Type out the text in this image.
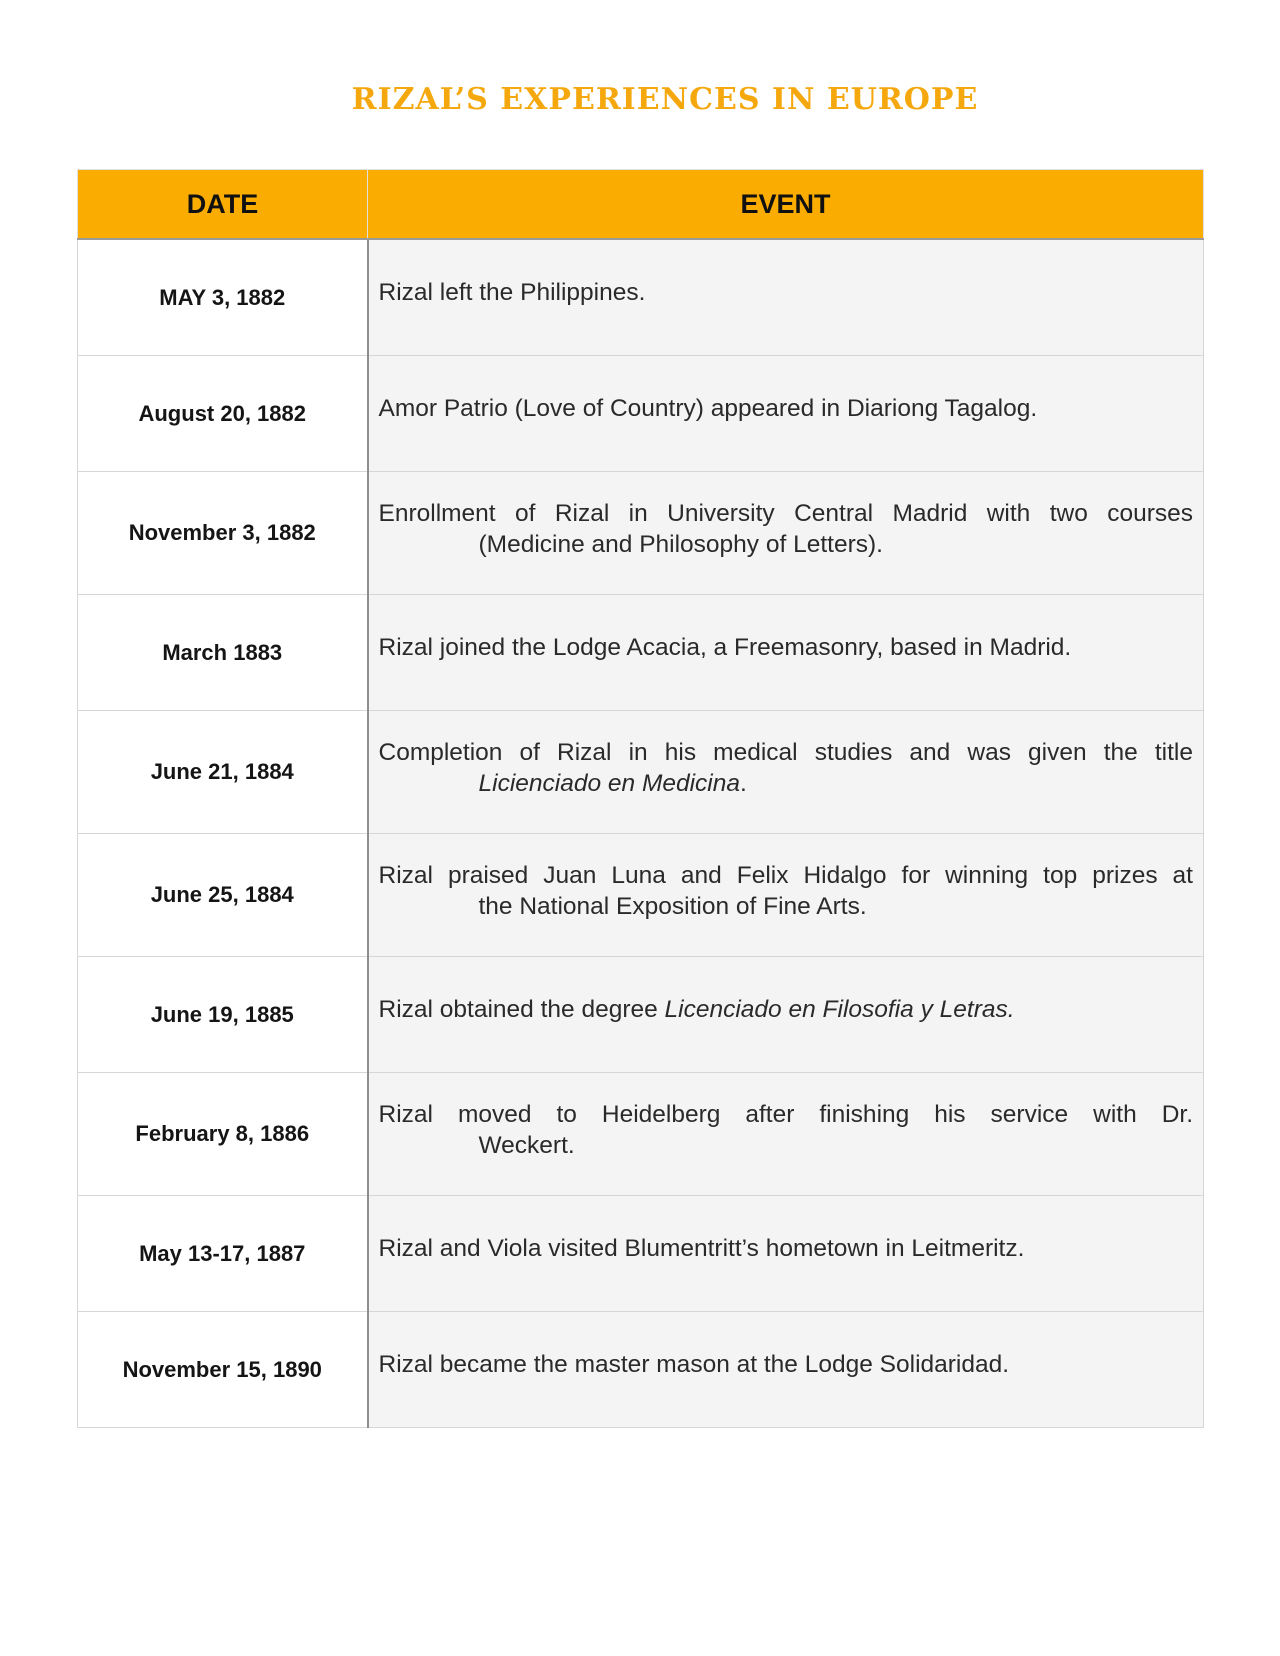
RIZAL’S EXPERIENCES IN EUROPE
DATE	EVENT
MAY 3, 1882	Rizal left the Philippines.

August 20, 1882	Amor Patrio (Love of Country) appeared in Diariong Tagalog.

November 3, 1882	Enrollment of Rizal in University Central Madrid with two courses
(Medicine and Philosophy of Letters).

March 1883	Rizal joined the Lodge Acacia, a Freemasonry, based in Madrid.

June 21, 1884	Completion of Rizal in his medical studies and was given the title
Licienciado en Medicina.

June 25, 1884	Rizal praised Juan Luna and Felix Hidalgo for winning top prizes at
the National Exposition of Fine Arts.

June 19, 1885	Rizal obtained the degree Licenciado en Filosofia y Letras.

February 8, 1886	Rizal moved to Heidelberg after finishing his service with Dr.
Weckert.

May 13-17, 1887	Rizal and Viola visited Blumentritt’s hometown in Leitmeritz.

November 15, 1890	Rizal became the master mason at the Lodge Solidaridad.
